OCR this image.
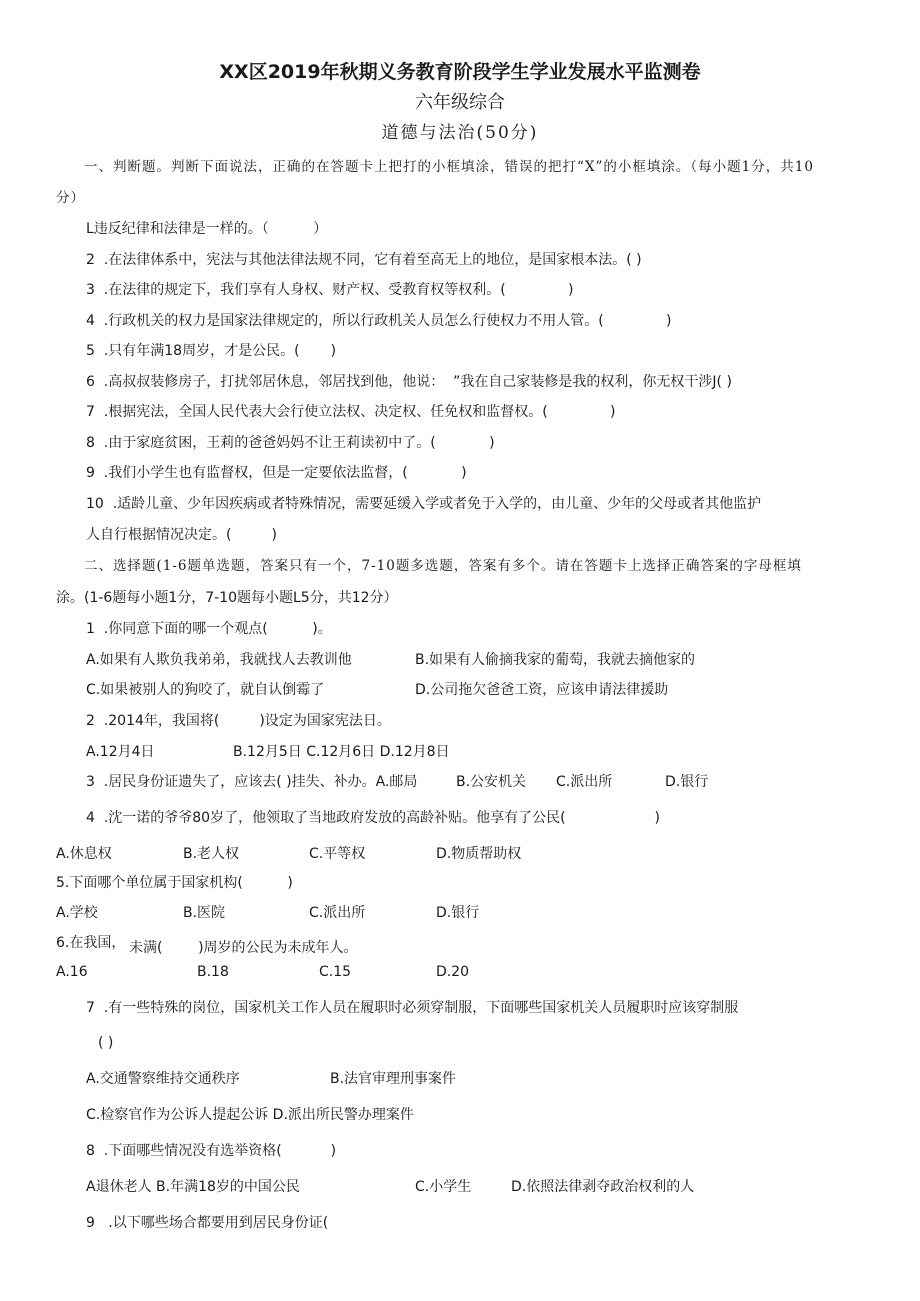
XX区2019年秋期义务教育阶段学生学业发展水平监测卷
六年级综合
道德与法治(50分)
一、判断题。判断下面说法，正确的在答题卡上把打的小框填涂，错误的把打“X”的小框填涂。（每小题1分，共10
分）
L违反纪律和法律是一样的。（          ）
2  .在法律体系中，宪法与其他法律法规不同，它有着至高无上的地位，是国家根本法。( )
3  .在法律的规定下，我们享有人身权、财产权、受教育权等权利。(              )
4  .行政机关的权力是国家法律规定的，所以行政机关人员怎么行使权力不用人管。(              )
5  .只有年满18周岁，才是公民。(       )
6  .高叔叔装修房子，打扰邻居休息，邻居找到他，他说：  ”我在自己家装修是我的权利，你无权干涉J( )
7  .根据宪法，全国人民代表大会行使立法权、决定权、任免权和监督权。(              )
8  .由于家庭贫困，王莉的爸爸妈妈不让王莉读初中了。(            )
9  .我们小学生也有监督权，但是一定要依法监督，(            )
10  .适龄儿童、少年因疾病或者特殊情况，需要延缓入学或者免于入学的，由儿童、少年的父母或者其他监护
人自行根据情况决定。(         )
二、选择题(1-6题单选题，答案只有一个，7-10题多选题，答案有多个。请在答题卡上选择正确答案的字母框填
涂。(1-6题每小题1分，7-10题每小题L5分，共12分）
1  .你同意下面的哪一个观点(          )。
A.如果有人欺负我弟弟，我就找人去教训他	B.如果有人偷摘我家的葡萄，我就去摘他家的
C.如果被别人的狗咬了，就自认倒霉了	D.公司拖欠爸爸工资，应该申请法律援助
2  .2014年，我国将(         )设定为国家宪法日。
A.12月4日	B.12月5日 C.12月6日 D.12月8日
3  .居民身份证遗失了，应该去( )挂失、补办。A.邮局	B.公安机关 C.派出所	D.银行
4  .沈一诺的爷爷80岁了，他领取了当地政府发放的高龄补贴。他享有了公民(                    )
A.休息权	B.老人权	C.平等权	D.物质帮助权
5.下面哪个单位属于国家机构(          )
A.学校	B.医院	C.派出所	D.银行
6.在我国， 未满(        )周岁的公民为未成年人。
A.16	B.18	C.15	D.20
7  .有一些特殊的岗位，国家机关工作人员在履职时必须穿制服，下面哪些国家机关人员履职时应该穿制服
( )
A.交通警察维持交通秩序	B.法官审理刑事案件
C.检察官作为公诉人提起公诉 D.派出所民警办理案件
8  .下面哪些情况没有选举资格(           )
A退休老人 B.年满18岁的中国公民	C.小学生	D.依照法律剥夺政治权利的人
9   .以下哪些场合都要用到居民身份证(
